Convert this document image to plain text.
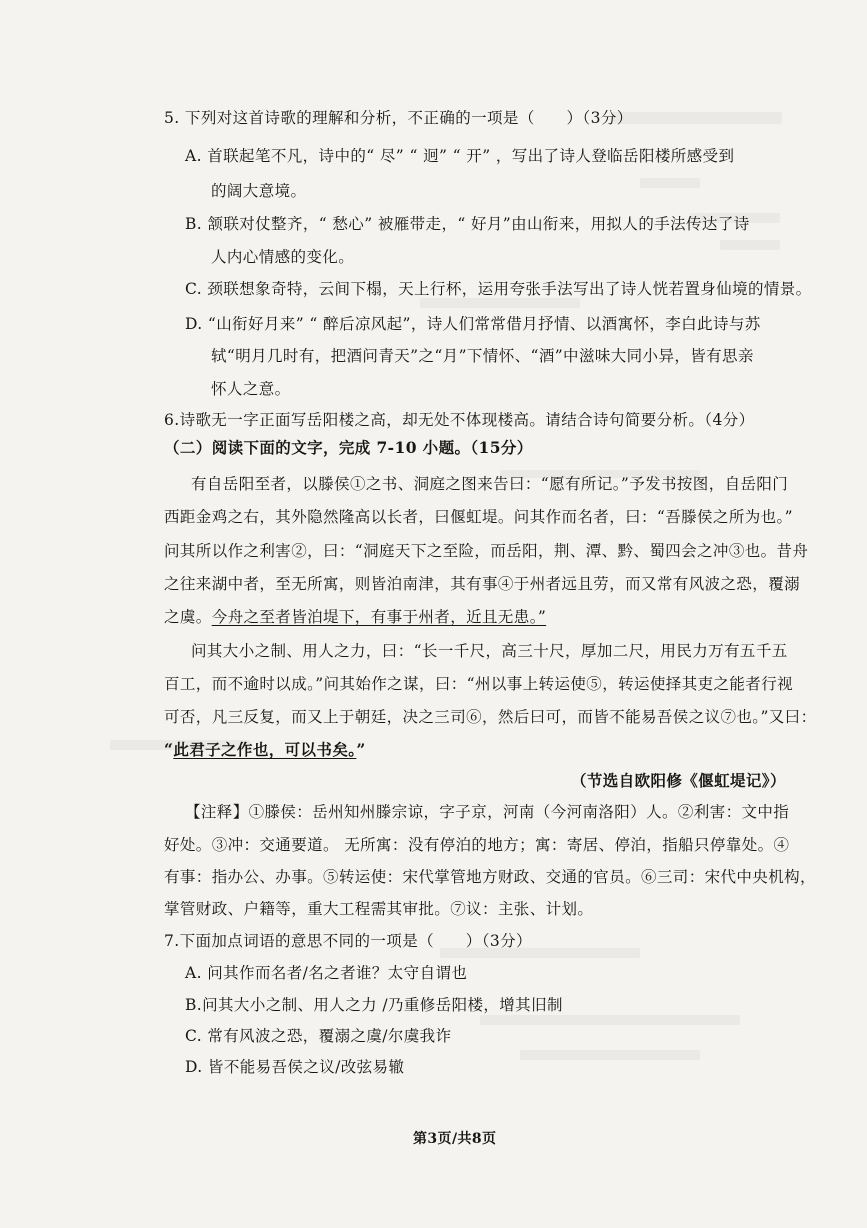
5. 下列对这首诗歌的理解和分析，不正确的一项是（　　）（3分）
A. 首联起笔不凡，诗中的“ 尽” “ 迥” “ 开” ，写出了诗人登临岳阳楼所感受到
的阔大意境。
B. 颔联对仗整齐，“ 愁心” 被雁带走，“ 好月”由山衔来，用拟人的手法传达了诗
人内心情感的变化。
C. 颈联想象奇特，云间下榻，天上行杯，运用夸张手法写出了诗人恍若置身仙境的情景。
D. “山衔好月来” “ 醉后凉风起”，诗人们常常借月抒情、以酒寓怀，李白此诗与苏
轼“明月几时有，把酒问青天”之“月”下情怀、“酒”中滋味大同小异，皆有思亲
怀人之意。
6.诗歌无一字正面写岳阳楼之高，却无处不体现楼高。请结合诗句简要分析。（4分）
（二）阅读下面的文字，完成 7-10 小题。（15分）
有自岳阳至者，以滕侯①之书、洞庭之图来告曰：“愿有所记。”予发书按图，自岳阳门
西距金鸡之右，其外隐然隆高以长者，曰偃虹堤。问其作而名者，曰：“吾滕侯之所为也。”
问其所以作之利害②，曰：“洞庭天下之至险，而岳阳，荆、潭、黔、蜀四会之冲③也。昔舟
之往来湖中者，至无所寓，则皆泊南津，其有事④于州者远且劳，而又常有风波之恐，覆溺
之虞。今舟之至者皆泊堤下，有事于州者，近且无患。”
问其大小之制、用人之力，曰：“长一千尺，高三十尺，厚加二尺，用民力万有五千五
百工，而不逾时以成。”问其始作之谋，曰：“州以事上转运使⑤，转运使择其吏之能者行视
可否，凡三反复，而又上于朝廷，决之三司⑥，然后曰可，而皆不能易吾侯之议⑦也。”又曰：
“此君子之作也，可以书矣。”
（节选自欧阳修《偃虹堤记》）
【注释】①滕侯：岳州知州滕宗谅，字子京，河南（今河南洛阳）人。②利害：文中指
好处。③冲：交通要道。 无所寓：没有停泊的地方；寓：寄居、停泊，指船只停靠处。④
有事：指办公、办事。⑤转运使：宋代掌管地方财政、交通的官员。⑥三司：宋代中央机构，
掌管财政、户籍等，重大工程需其审批。⑦议：主张、计划。
7.下面加点词语的意思不同的一项是（　　）（3分）
A. 问其作而名者/名之者谁？太守自谓也
B.问其大小之制、用人之力 /乃重修岳阳楼，增其旧制
C. 常有风波之恐，覆溺之虞/尔虞我诈
D. 皆不能易吾侯之议/改弦易辙
第3页/共8页
